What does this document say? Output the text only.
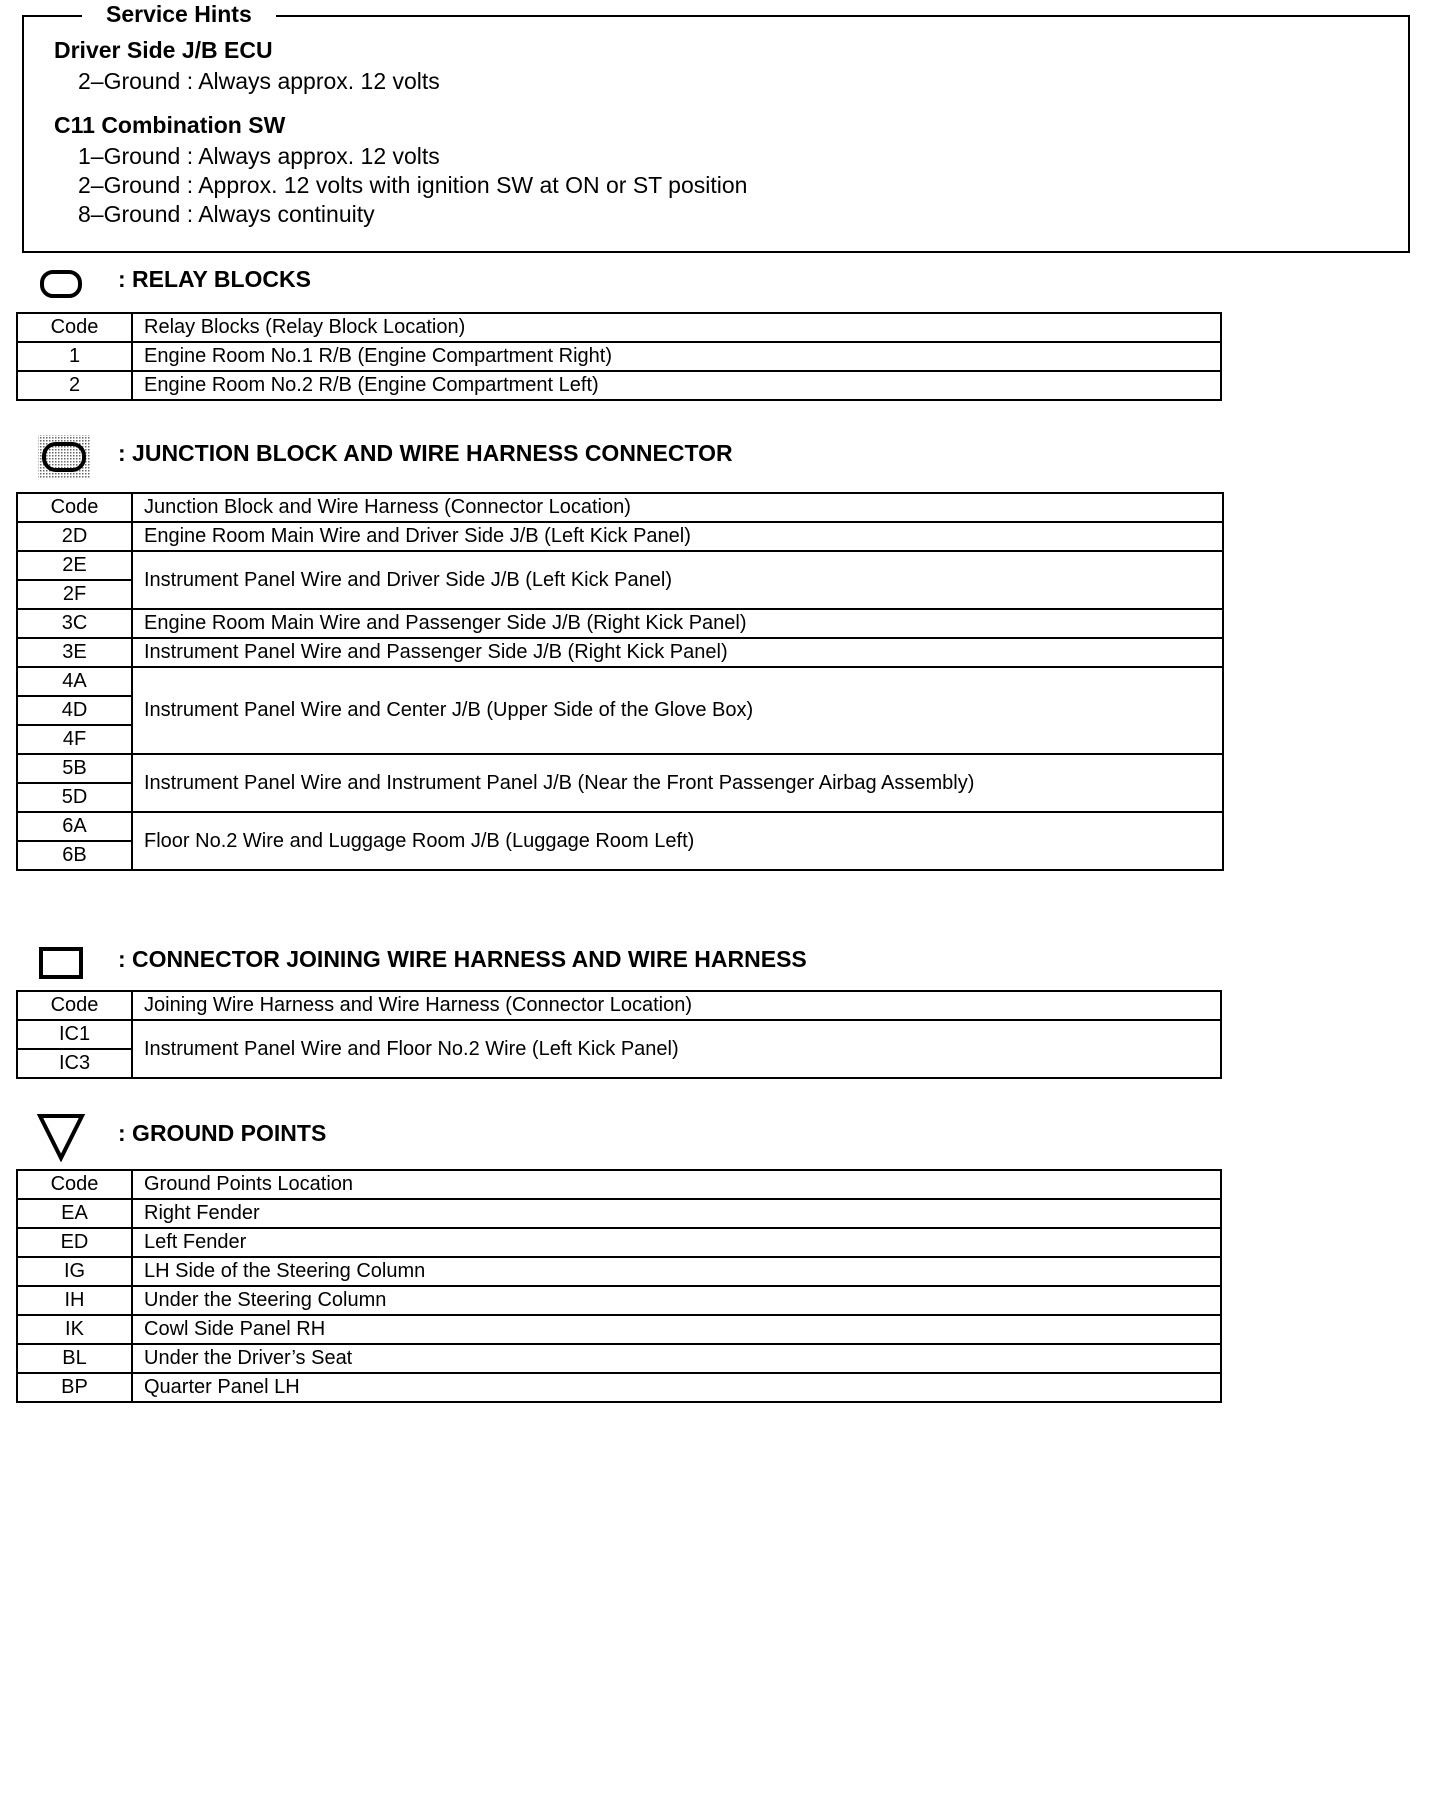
Service Hints
Driver Side J/B ECU
2–Ground : Always approx. 12 volts
C11 Combination SW
1–Ground : Always approx. 12 volts
2–Ground : Approx. 12 volts with ignition SW at ON or ST position
8–Ground : Always continuity
: RELAY BLOCKS
Code	Relay Blocks (Relay Block Location)
1	Engine Room No.1 R/B (Engine Compartment Right)
2	Engine Room No.2 R/B (Engine Compartment Left)
: JUNCTION BLOCK AND WIRE HARNESS CONNECTOR
Code	Junction Block and Wire Harness (Connector Location)
2D	Engine Room Main Wire and Driver Side J/B (Left Kick Panel)
2E	Instrument Panel Wire and Driver Side J/B (Left Kick Panel)
2F	
3C	Engine Room Main Wire and Passenger Side J/B (Right Kick Panel)
3E	Instrument Panel Wire and Passenger Side J/B (Right Kick Panel)
4A	Instrument Panel Wire and Center J/B (Upper Side of the Glove Box)
4D	
4F	
5B	Instrument Panel Wire and Instrument Panel J/B (Near the Front Passenger Airbag Assembly)
5D	
6A	Floor No.2 Wire and Luggage Room J/B (Luggage Room Left)
6B	
: CONNECTOR JOINING WIRE HARNESS AND WIRE HARNESS
Code	Joining Wire Harness and Wire Harness (Connector Location)
IC1	Instrument Panel Wire and Floor No.2 Wire (Left Kick Panel)
IC3	
: GROUND POINTS
Code	Ground Points Location
EA	Right Fender
ED	Left Fender
IG	LH Side of the Steering Column
IH	Under the Steering Column
IK	Cowl Side Panel RH
BL	Under the Driver’s Seat
BP	Quarter Panel LH
